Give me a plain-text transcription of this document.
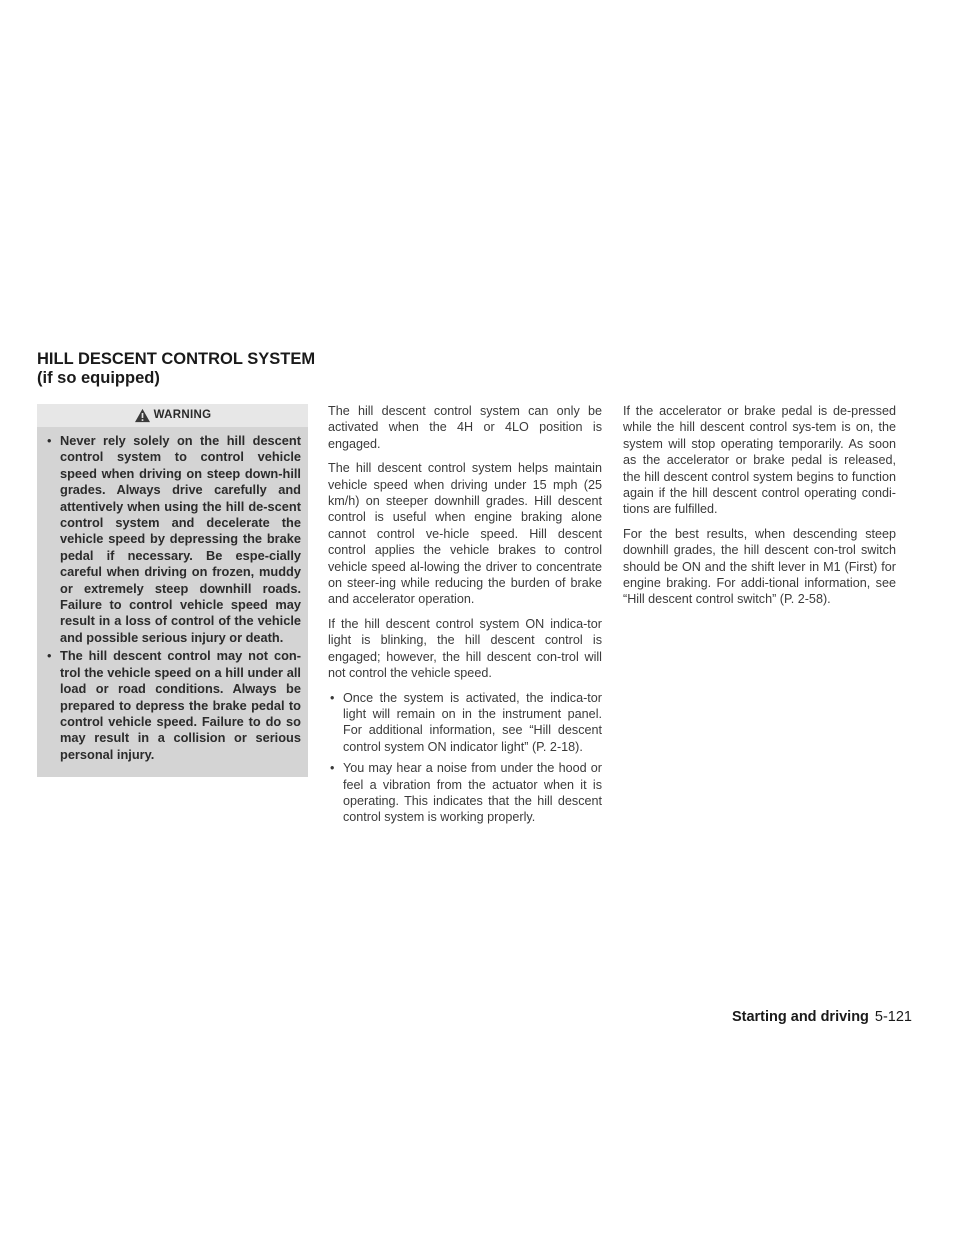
HILL DESCENT CONTROL SYSTEM (if so equipped)
WARNING
• Never rely solely on the hill descent control system to control vehicle speed when driving on steep down-hill grades. Always drive carefully and attentively when using the hill de-scent control system and decelerate the vehicle speed by depressing the brake pedal if necessary. Be espe-cially careful when driving on frozen, muddy or extremely steep downhill roads. Failure to control vehicle speed may result in a loss of control of the vehicle and possible serious injury or death.
• The hill descent control may not con-trol the vehicle speed on a hill under all load or road conditions. Always be prepared to depress the brake pedal to control vehicle speed. Failure to do so may result in a collision or serious personal injury.

The hill descent control system can only be activated when the 4H or 4LO position is engaged.

The hill descent control system helps maintain vehicle speed when driving under 15 mph (25 km/h) on steeper downhill grades. Hill descent control is useful when engine braking alone cannot control ve-hicle speed. Hill descent control applies the vehicle brakes to control vehicle speed al-lowing the driver to concentrate on steer-ing while reducing the burden of brake and accelerator operation.

If the hill descent control system ON indica-tor light is blinking, the hill descent control is engaged; however, the hill descent con-trol will not control the vehicle speed.

• Once the system is activated, the indica-tor light will remain on in the instrument panel. For additional information, see “Hill descent control system ON indicator light” (P. 2-18).
• You may hear a noise from under the hood or feel a vibration from the actuator when it is operating. This indicates that the hill descent control system is working properly.

If the accelerator or brake pedal is de-pressed while the hill descent control sys-tem is on, the system will stop operating temporarily. As soon as the accelerator or brake pedal is released, the hill descent control system begins to function again if the hill descent control operating condi-tions are fulfilled.

For the best results, when descending steep downhill grades, the hill descent con-trol switch should be ON and the shift lever in M1 (First) for engine braking. For addi-tional information, see “Hill descent control switch” (P. 2-58).

Starting and driving 5-121
